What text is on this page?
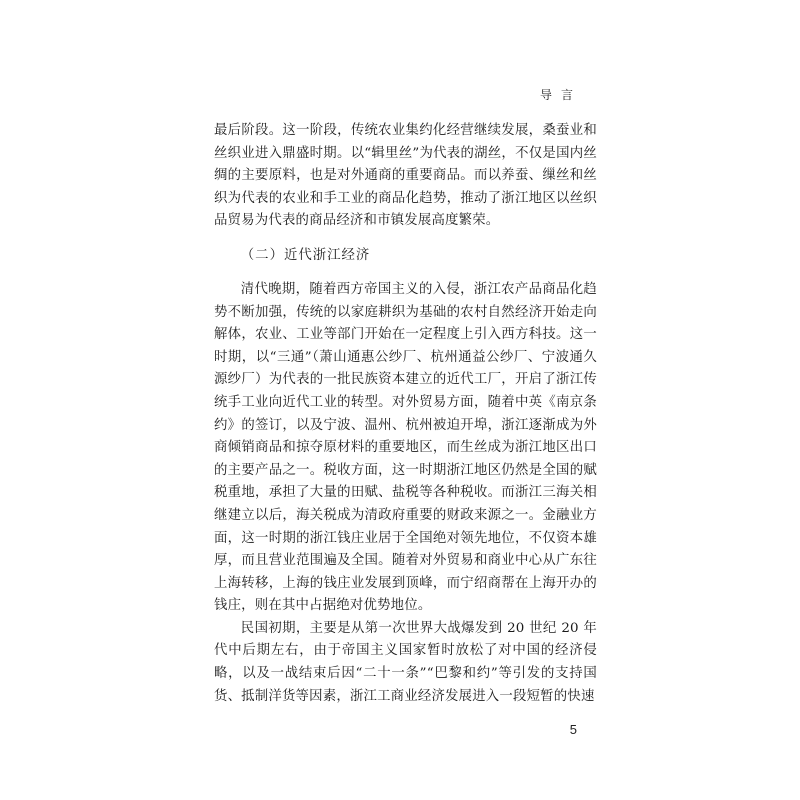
导言

最后阶段。这一阶段，传统农业集约化经营继续发展，桑蚕业和丝织业进入鼎盛时期。以“辑里丝”为代表的湖丝，不仅是国内丝绸的主要原料，也是对外通商的重要商品。而以养蚕、缫丝和丝织为代表的农业和手工业的商品化趋势，推动了浙江地区以丝织品贸易为代表的商品经济和市镇发展高度繁荣。

（二）近代浙江经济

清代晚期，随着西方帝国主义的入侵，浙江农产品商品化趋势不断加强，传统的以家庭耕织为基础的农村自然经济开始走向解体，农业、工业等部门开始在一定程度上引入西方科技。这一时期，以“三通”（萧山通惠公纱厂、杭州通益公纱厂、宁波通久源纱厂）为代表的一批民族资本建立的近代工厂，开启了浙江传统手工业向近代工业的转型。对外贸易方面，随着中英《南京条约》的签订，以及宁波、温州、杭州被迫开埠，浙江逐渐成为外商倾销商品和掠夺原材料的重要地区，而生丝成为浙江地区出口的主要产品之一。税收方面，这一时期浙江地区仍然是全国的赋税重地，承担了大量的田赋、盐税等各种税收。而浙江三海关相继建立以后，海关税成为清政府重要的财政来源之一。金融业方面，这一时期的浙江钱庄业居于全国绝对领先地位，不仅资本雄厚，而且营业范围遍及全国。随着对外贸易和商业中心从广东往上海转移，上海的钱庄业发展到顶峰，而宁绍商帮在上海开办的钱庄，则在其中占据绝对优势地位。

民国初期，主要是从第一次世界大战爆发到 20 世纪 20 年代中后期左右，由于帝国主义国家暂时放松了对中国的经济侵略，以及一战结束后因“二十一条”“巴黎和约”等引发的支持国货、抵制洋货等因素，浙江工商业经济发展进入一段短暂的快速

5
